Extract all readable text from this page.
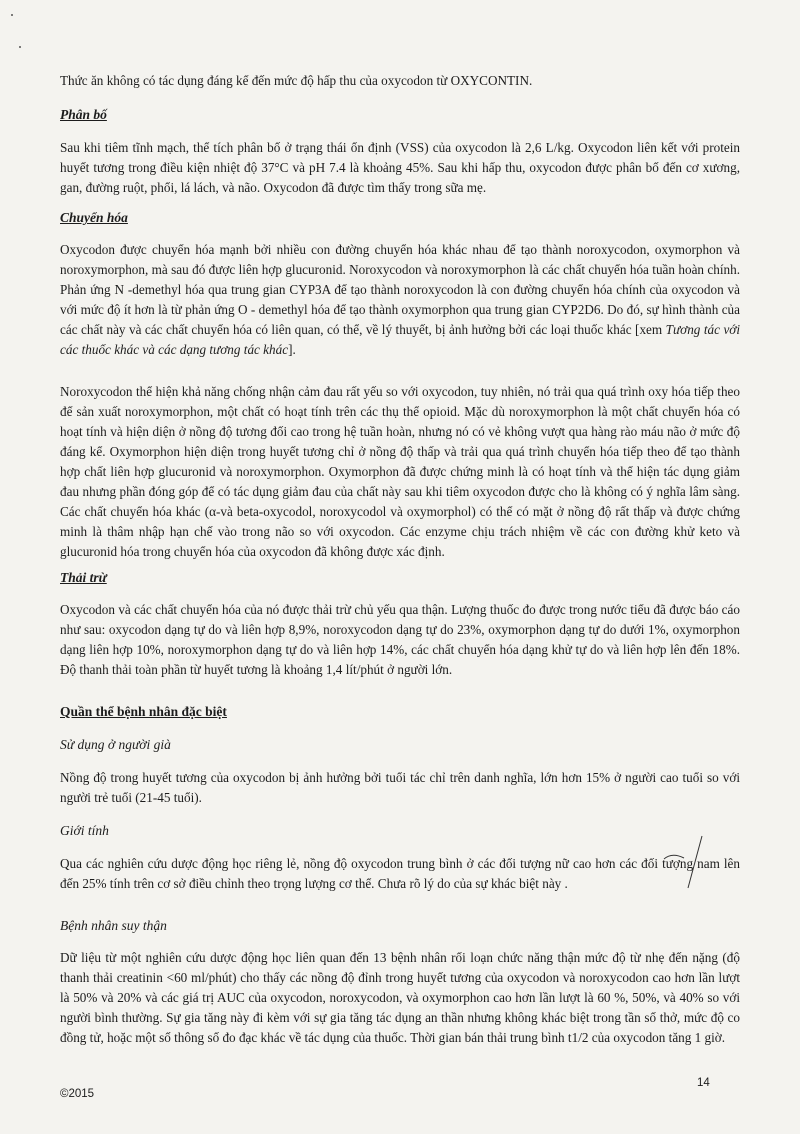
Thức ăn không có tác dụng đáng kể đến mức độ hấp thu của oxycodon từ OXYCONTIN.

Phân bố

Sau khi tiêm tĩnh mạch, thể tích phân bố ở trạng thái ổn định (VSS) của oxycodon là 2,6 L/kg. Oxycodon liên kết với protein huyết tương trong điều kiện nhiệt độ 37°C và pH 7.4 là khoảng 45%. Sau khi hấp thu, oxycodon được phân bố đến cơ xương, gan, đường ruột, phổi, lá lách, và não. Oxycodon đã được tìm thấy trong sữa mẹ.

Chuyển hóa

Oxycodon được chuyển hóa mạnh bởi nhiều con đường chuyển hóa khác nhau để tạo thành noroxycodon, oxymorphon và noroxymorphon, mà sau đó được liên hợp glucuronid. Noroxycodon và noroxymorphon là các chất chuyển hóa tuần hoàn chính. Phản ứng N -demethyl hóa qua trung gian CYP3A để tạo thành noroxycodon là con đường chuyển hóa chính của oxycodon và với mức độ ít hơn là từ phản ứng O - demethyl hóa để tạo thành oxymorphon qua trung gian CYP2D6. Do đó, sự hình thành của các chất này và các chất chuyển hóa có liên quan, có thể, về lý thuyết, bị ảnh hưởng bởi các loại thuốc khác [xem Tương tác với các thuốc khác và các dạng tương tác khác].

Noroxycodon thể hiện khả năng chống nhận cảm đau rất yếu so với oxycodon, tuy nhiên, nó trải qua quá trình oxy hóa tiếp theo để sản xuất noroxymorphon, một chất có hoạt tính trên các thụ thể opioid. Mặc dù noroxymorphon là một chất chuyển hóa có hoạt tính và hiện diện ở nồng độ tương đối cao trong hệ tuần hoàn, nhưng nó có vẻ không vượt qua hàng rào máu não ở mức độ đáng kể. Oxymorphon hiện diện trong huyết tương chỉ ở nồng độ thấp và trải qua quá trình chuyển hóa tiếp theo để tạo thành hợp chất liên hợp glucuronid và noroxymorphon. Oxymorphon đã được chứng minh là có hoạt tính và thể hiện tác dụng giảm đau nhưng phần đóng góp để có tác dụng giảm đau của chất này sau khi tiêm oxycodon được cho là không có ý nghĩa lâm sàng. Các chất chuyển hóa khác (α-và beta-oxycodol, noroxycodol và oxymorphol) có thể có mặt ở nồng độ rất thấp và được chứng minh là thâm nhập hạn chế vào trong não so với oxycodon. Các enzyme chịu trách nhiệm về các con đường khử keto và glucuronid hóa trong chuyển hóa của oxycodon đã không được xác định.

Thải trừ

Oxycodon và các chất chuyển hóa của nó được thải trừ chủ yếu qua thận. Lượng thuốc đo được trong nước tiểu đã được báo cáo như sau: oxycodon dạng tự do và liên hợp 8,9%, noroxycodon dạng tự do 23%, oxymorphon dạng tự do dưới 1%, oxymorphon dạng liên hợp 10%, noroxymorphon dạng tự do và liên hợp 14%, các chất chuyển hóa dạng khử tự do và liên hợp lên đến 18%. Độ thanh thải toàn phần từ huyết tương là khoảng 1,4 lít/phút ở người lớn.

Quần thể bệnh nhân đặc biệt

Sử dụng ở người già

Nồng độ trong huyết tương của oxycodon bị ảnh hưởng bởi tuổi tác chỉ trên danh nghĩa, lớn hơn 15% ở người cao tuổi so với người trẻ tuổi (21-45 tuổi).

Giới tính

Qua các nghiên cứu dược động học riêng lẻ, nồng độ oxycodon trung bình ở các đối tượng nữ cao hơn các đối tượng nam lên đến 25% tính trên cơ sở điều chỉnh theo trọng lượng cơ thể. Chưa rõ lý do của sự khác biệt này .

Bệnh nhân suy thận

Dữ liệu từ một nghiên cứu dược động học liên quan đến 13 bệnh nhân rối loạn chức năng thận mức độ từ nhẹ đến nặng (độ thanh thải creatinin <60 ml/phút) cho thấy các nồng độ đỉnh trong huyết tương của oxycodon và noroxycodon cao hơn lần lượt là 50% và 20% và các giá trị AUC của oxycodon, noroxycodon, và oxymorphon cao hơn lần lượt là 60 %, 50%, và 40% so với người bình thường. Sự gia tăng này đi kèm với sự gia tăng tác dụng an thần nhưng không khác biệt trong tần số thở, mức độ co đồng tử, hoặc một số thông số đo đạc khác về tác dụng của thuốc. Thời gian bán thải trung bình t1/2 của oxycodon tăng 1 giờ.

©2015
14
